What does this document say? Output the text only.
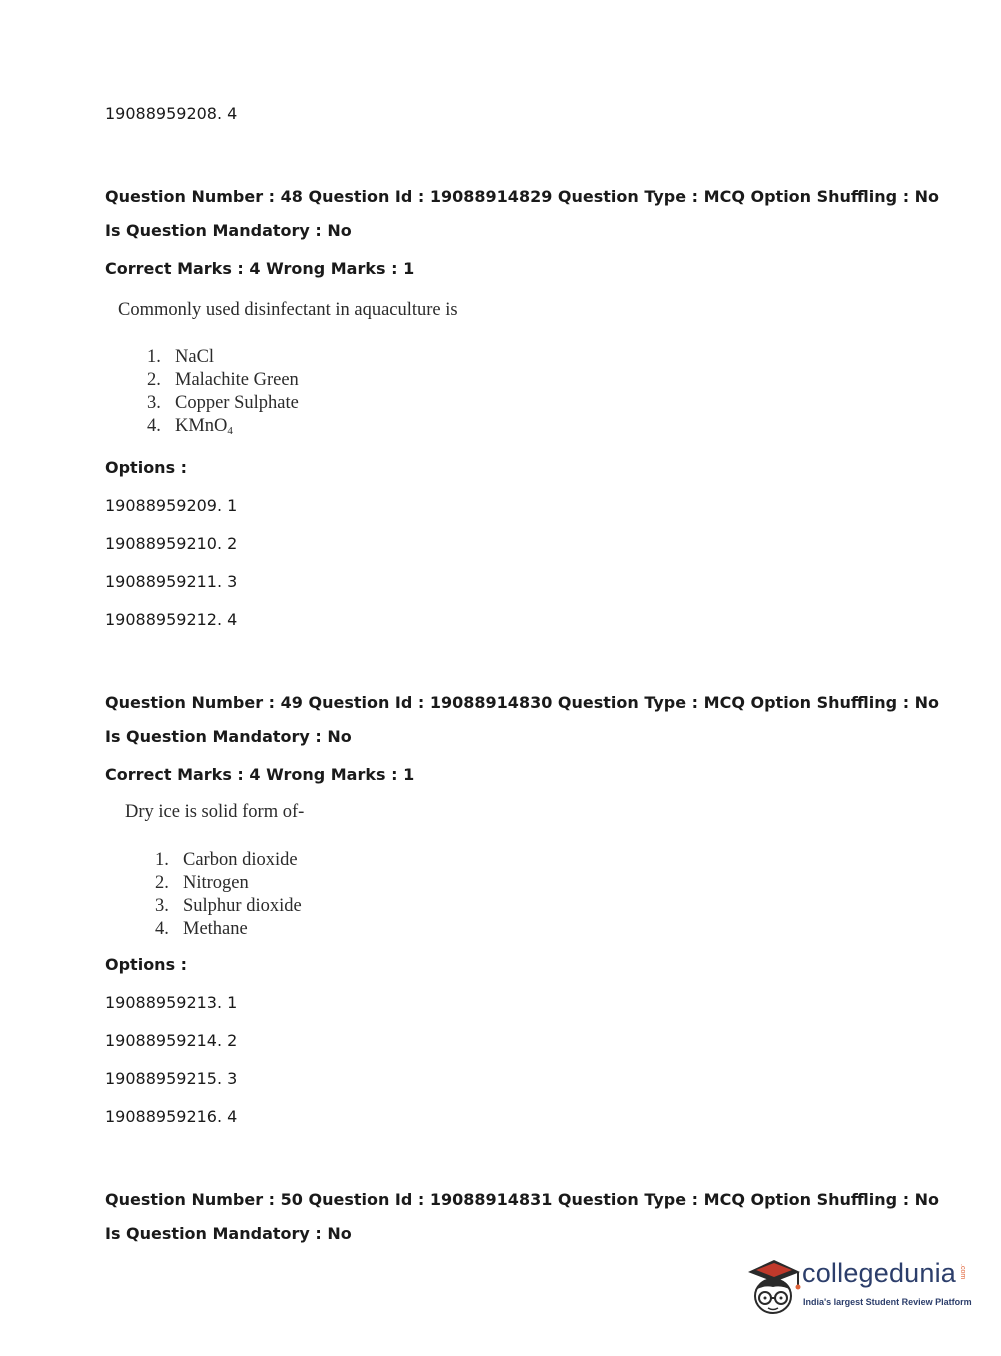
19088959208. 4
Question Number : 48 Question Id : 19088914829 Question Type : MCQ Option Shuffling : No
Is Question Mandatory : No
Correct Marks : 4 Wrong Marks : 1
Commonly used disinfectant in aquaculture is
1. NaCl
2. Malachite Green
3. Copper Sulphate
4. KMnO$_4$
Options :
19088959209. 1
19088959210. 2
19088959211. 3
19088959212. 4
Question Number : 49 Question Id : 19088914830 Question Type : MCQ Option Shuffling : No
Is Question Mandatory : No
Correct Marks : 4 Wrong Marks : 1
Dry ice is solid form of-
1. Carbon dioxide
2. Nitrogen
3. Sulphur dioxide
4. Methane
Options :
19088959213. 1
19088959214. 2
19088959215. 3
19088959216. 4
Question Number : 50 Question Id : 19088914831 Question Type : MCQ Option Shuffling : No
Is Question Mandatory : No
collegedunia .com
India's largest Student Review Platform
